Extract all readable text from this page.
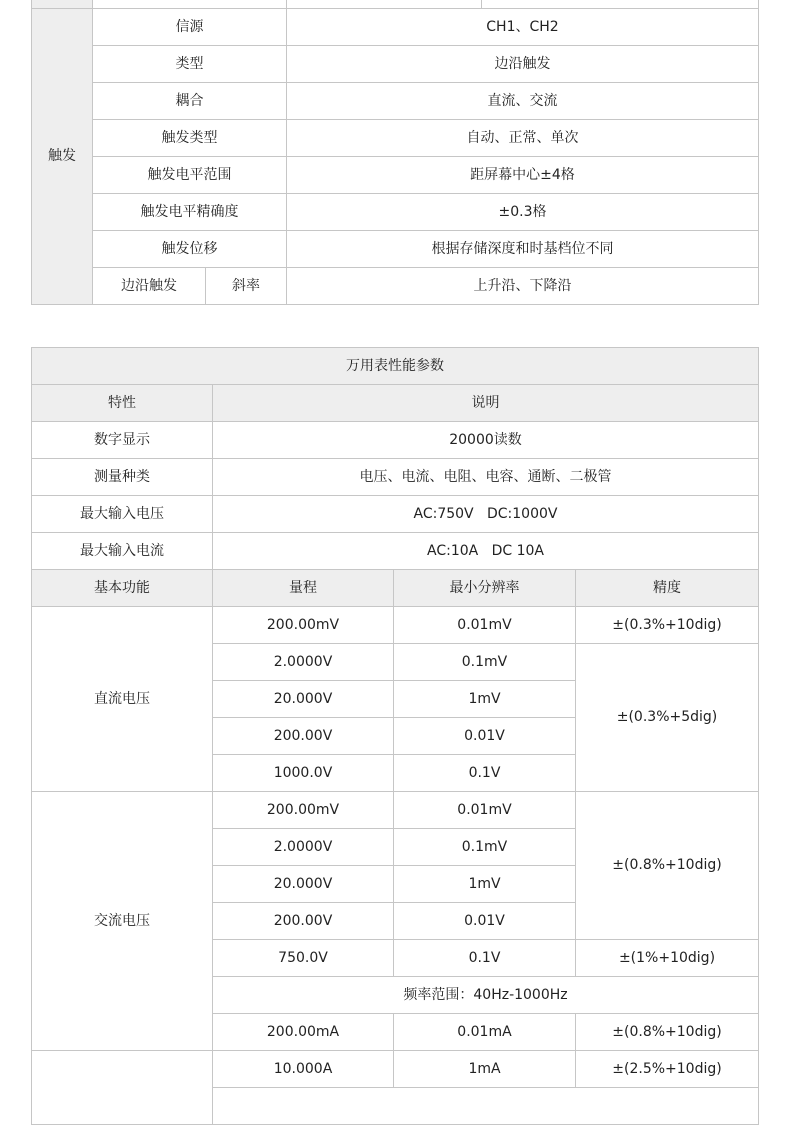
触发	信源		CH1、CH2	
	类型		边沿触发	
	耦合		直流、交流	
	触发类型		自动、正常、单次	
	触发电平范围		距屏幕中心±4格	
	触发电平精确度		±0.3格	
	触发位移		根据存储深度和时基档位不同	
	边沿触发	斜率	上升沿、下降沿	
万用表性能参数			
特性	说明		
数字显示	20000读数		
测量种类	电压、电流、电阻、电容、通断、二极管		
最大输入电压	AC:750V   DC:1000V		
最大输入电流	AC:10A   DC 10A		
基本功能	量程	最小分辨率	精度
直流电压	200.00mV	0.01mV	±(0.3%+10dig)
	2.0000V	0.1mV	±(0.3%+5dig)
	20.000V	1mV	
	200.00V	0.01V	
	1000.0V	0.1V	
交流电压	200.00mV	0.01mV	±(0.8%+10dig)
	2.0000V	0.1mV	
	20.000V	1mV	
	200.00V	0.01V	
	750.0V	0.1V	±(1%+10dig)
	频率范围：40Hz-1000Hz		
	200.00mA	0.01mA	±(0.8%+10dig)
	10.000A	1mA	±(2.5%+10dig)
